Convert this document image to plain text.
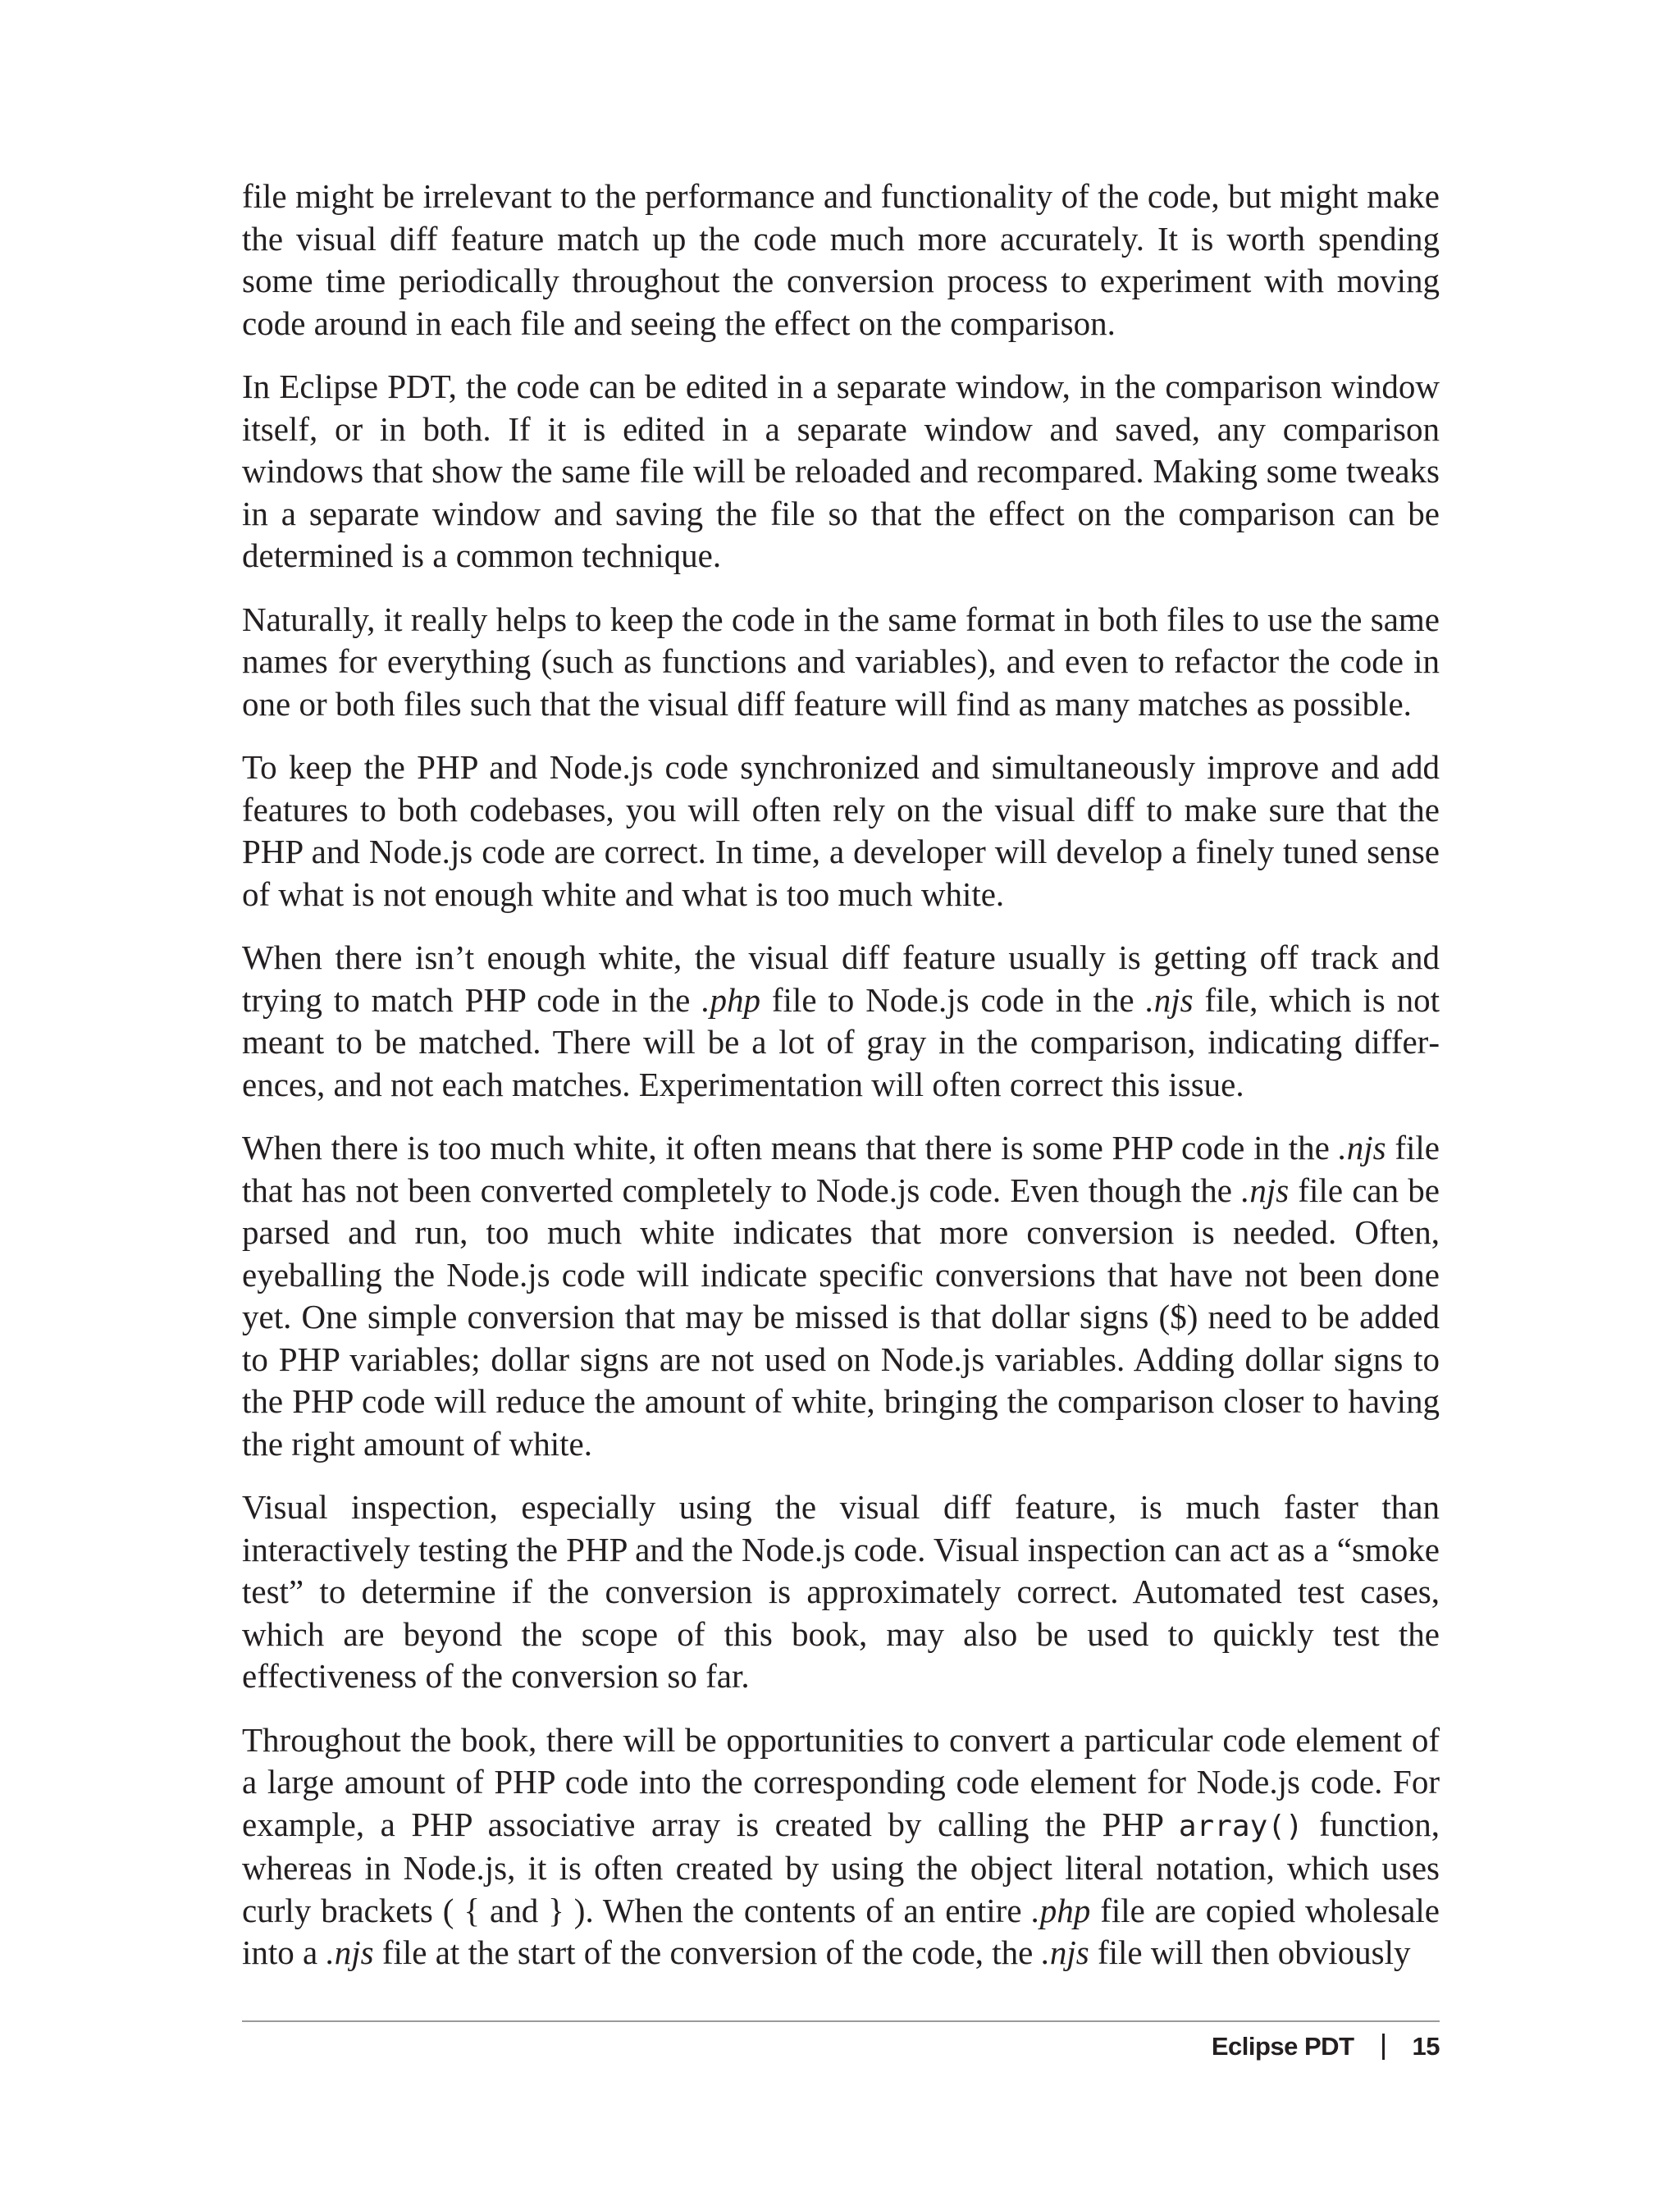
file might be irrelevant to the performance and functionality of the code, but might make the visual diff feature match up the code much more accurately. It is worth spending some time periodically throughout the conversion process to experiment with moving code around in each file and seeing the effect on the comparison.

In Eclipse PDT, the code can be edited in a separate window, in the comparison window itself, or in both. If it is edited in a separate window and saved, any comparison windows that show the same file will be reloaded and recompared. Making some tweaks in a separate window and saving the file so that the effect on the comparison can be determined is a common technique.

Naturally, it really helps to keep the code in the same format in both files to use the same names for everything (such as functions and variables), and even to refactor the code in one or both files such that the visual diff feature will find as many matches as possible.

To keep the PHP and Node.js code synchronized and simultaneously improve and add features to both codebases, you will often rely on the visual diff to make sure that the PHP and Node.js code are correct. In time, a developer will develop a finely tuned sense of what is not enough white and what is too much white.

When there isn’t enough white, the visual diff feature usually is getting off track and trying to match PHP code in the .php file to Node.js code in the .njs file, which is not meant to be matched. There will be a lot of gray in the comparison, indicating differences, and not each matches. Experimentation will often correct this issue.

When there is too much white, it often means that there is some PHP code in the .njs file that has not been converted completely to Node.js code. Even though the .njs file can be parsed and run, too much white indicates that more conversion is needed. Often, eyeballing the Node.js code will indicate specific conversions that have not been done yet. One simple conversion that may be missed is that dollar signs ($) need to be added to PHP variables; dollar signs are not used on Node.js variables. Adding dollar signs to the PHP code will reduce the amount of white, bringing the comparison closer to having the right amount of white.

Visual inspection, especially using the visual diff feature, is much faster than interactively testing the PHP and the Node.js code. Visual inspection can act as a “smoke test” to determine if the conversion is approximately correct. Automated test cases, which are beyond the scope of this book, may also be used to quickly test the effectiveness of the conversion so far.

Throughout the book, there will be opportunities to convert a particular code element of a large amount of PHP code into the corresponding code element for Node.js code. For example, a PHP associative array is created by calling the PHP array() function, whereas in Node.js, it is often created by using the object literal notation, which uses curly brackets ( { and } ). When the contents of an entire .php file are copied wholesale into a .njs file at the start of the conversion of the code, the .njs file will then obviously

Eclipse PDT 15
